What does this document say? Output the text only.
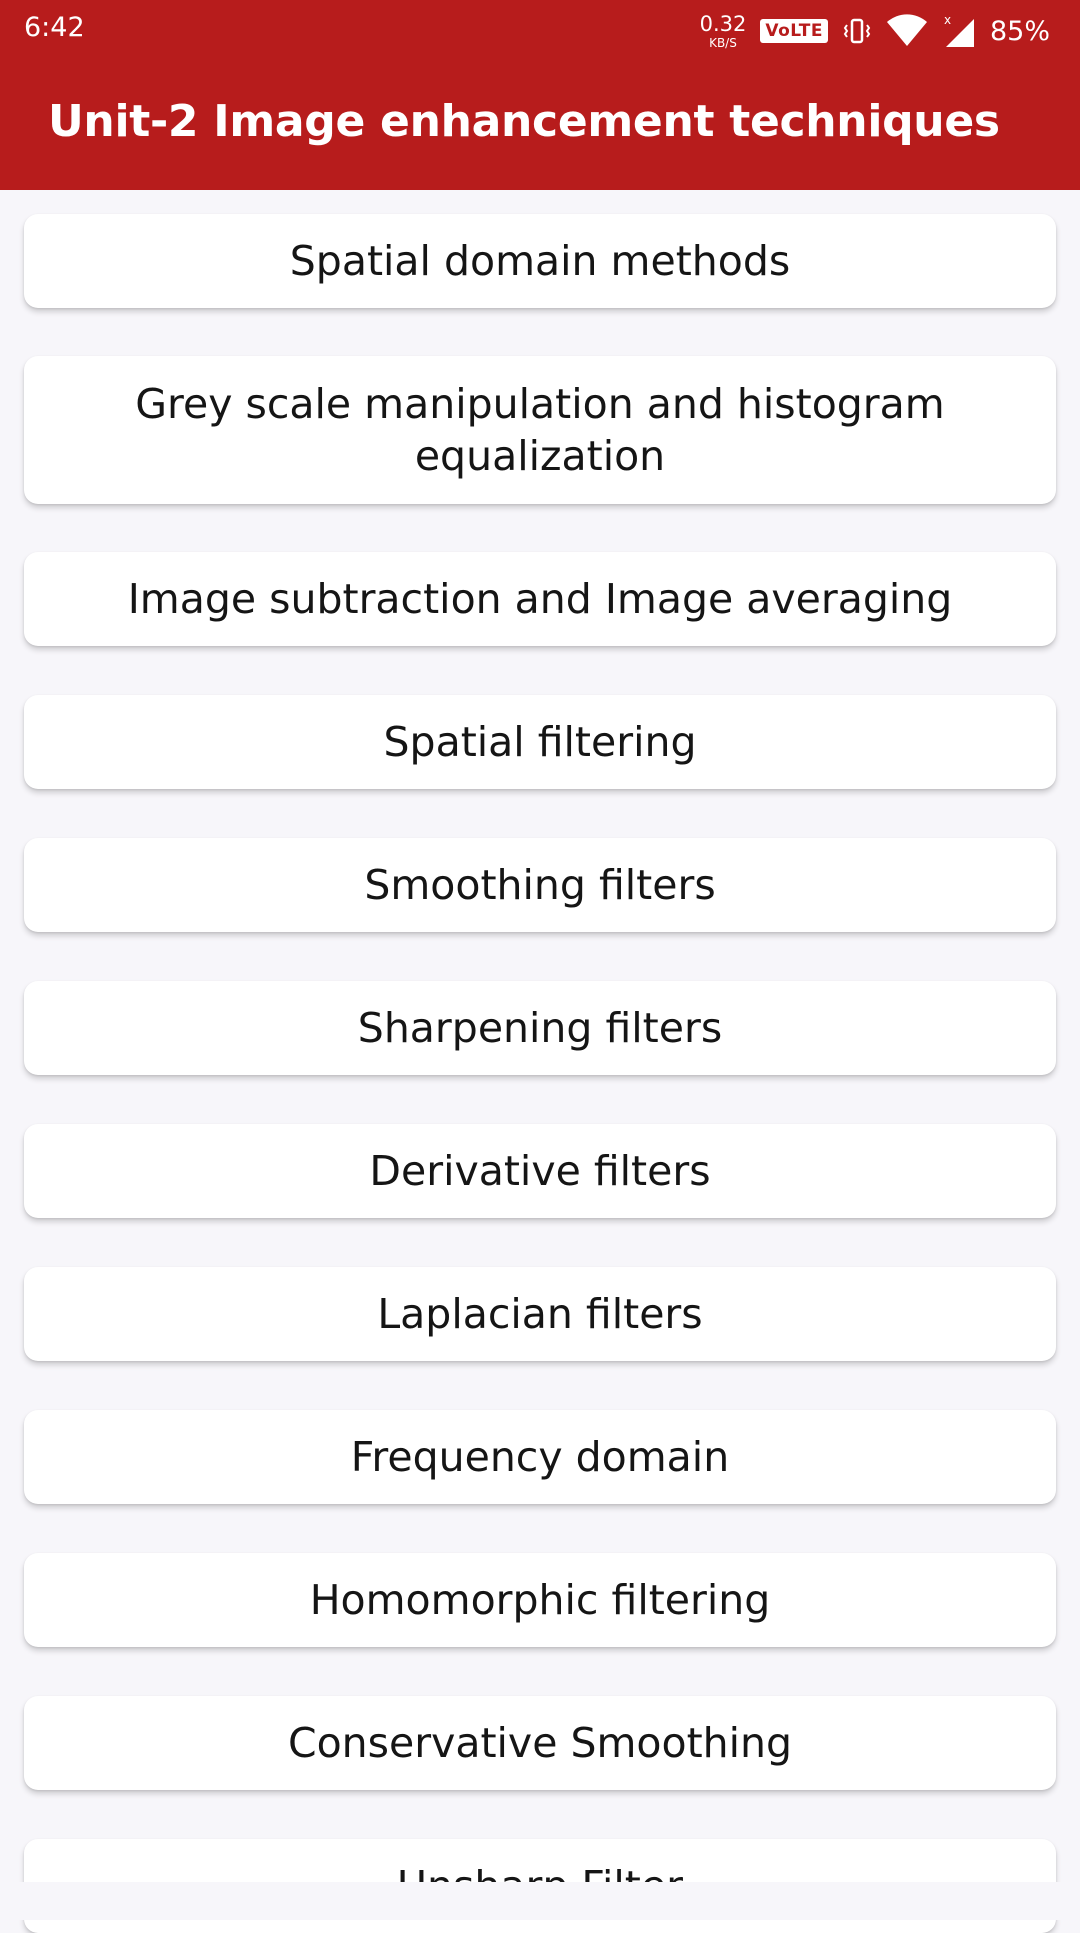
6:42	0.32
KB/S
VoLTE
x 85%
Unit-2 Image enhancement techniques
Spatial domain methods
Grey scale manipulation and histogram equalization
Image subtraction and Image averaging
Spatial filtering
Smoothing filters
Sharpening filters
Derivative filters
Laplacian filters
Frequency domain
Homomorphic filtering
Conservative Smoothing
